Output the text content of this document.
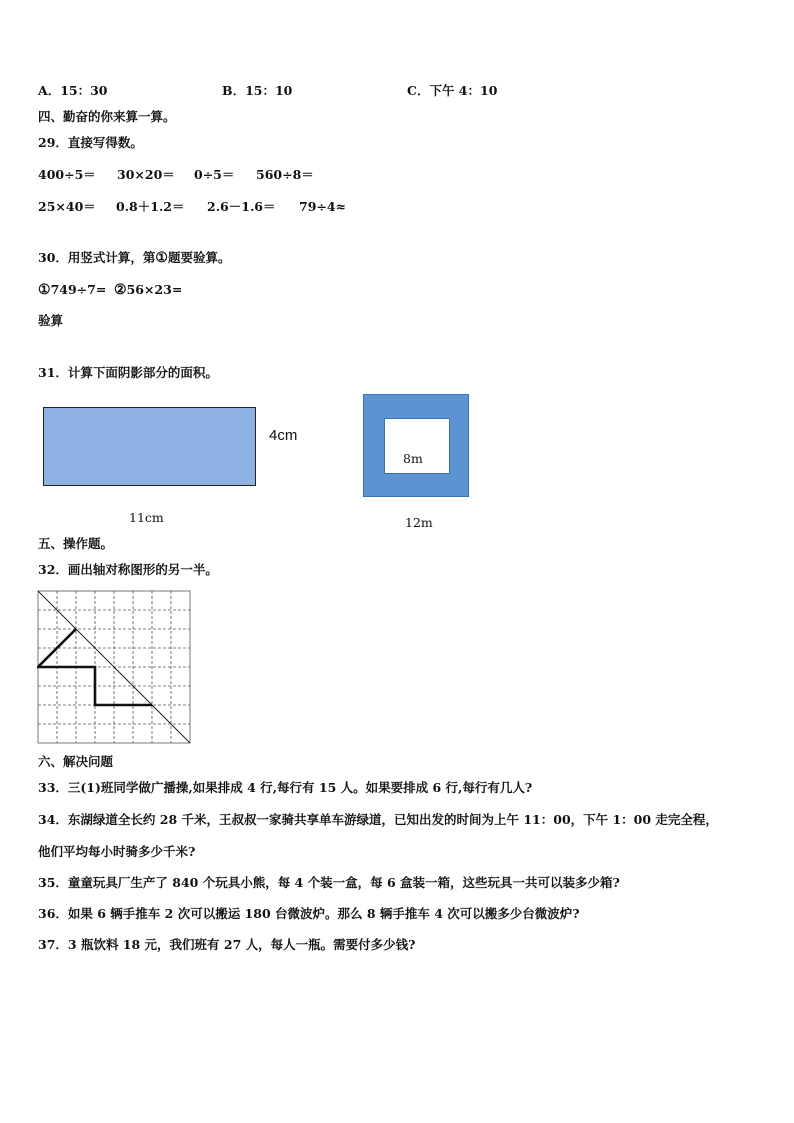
A．15：30	B．15：10	C．下午 4：10
四、勤奋的你来算一算。
29．直接写得数。
400÷5＝ 30×20＝ 0÷5＝ 560÷8＝
25×40＝ 0.8＋1.2＝ 2.6－1.6＝ 79÷4≈
30．用竖式计算，第①题要验算。
①749÷7= ②56×23=
验算
31．计算下面阴影部分的面积。
4cm
11cm
8m
12m
五、操作题。
32．画出轴对称图形的另一半。
六、解决问题
33．三(1)班同学做广播操,如果排成 4 行,每行有 15 人。如果要排成 6 行,每行有几人?
34．东湖绿道全长约 28 千米，王叔叔一家骑共享单车游绿道，已知出发的时间为上午 11：00，下午 1：00 走完全程，
他们平均每小时骑多少千米?
35．童童玩具厂生产了 840 个玩具小熊，每 4 个装一盒，每 6 盒装一箱，这些玩具一共可以装多少箱?
36．如果 6 辆手推车 2 次可以搬运 180 台微波炉。那么 8 辆手推车 4 次可以搬多少台微波炉?
37．3 瓶饮料 18 元，我们班有 27 人，每人一瓶。需要付多少钱?
